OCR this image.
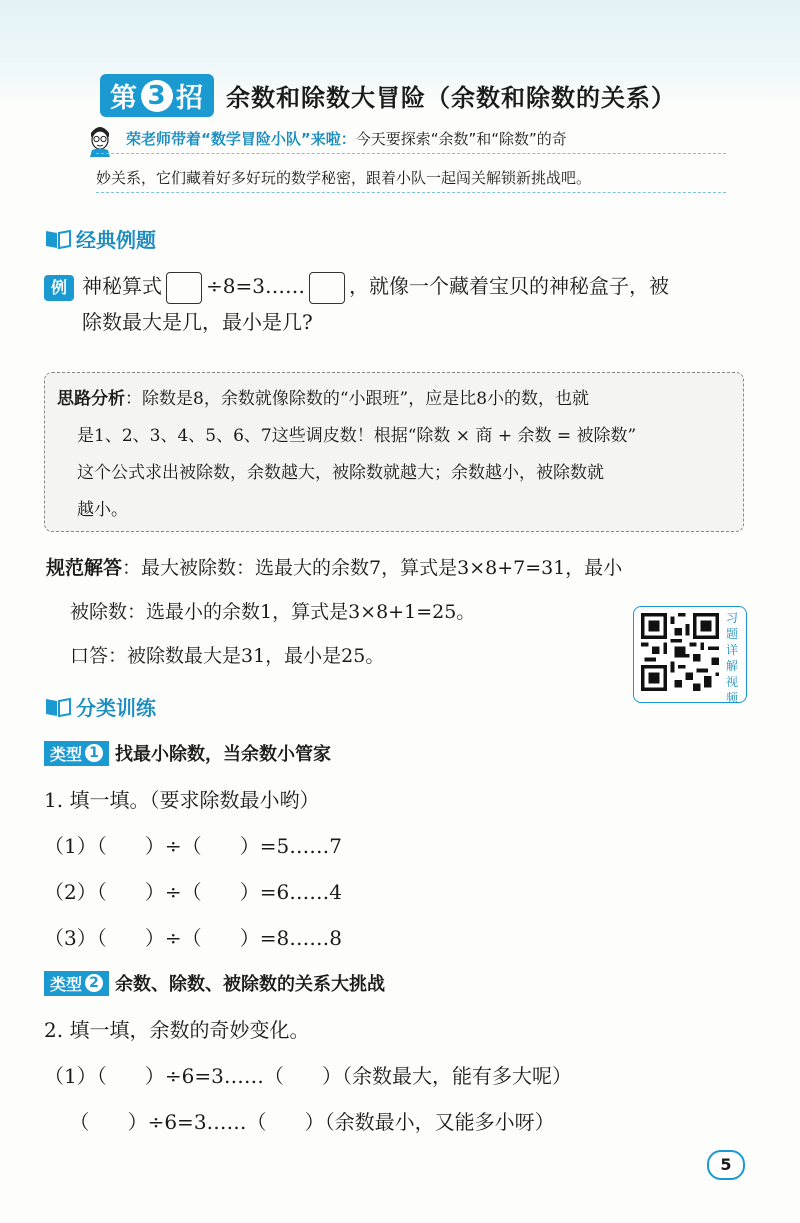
第 3 招 余数和除数大冒险（余数和除数的关系）
荣老师带着“数学冒险小队”来啦：今天要探索“余数”和“除数”的奇
妙关系，它们藏着好多好玩的数学秘密，跟着小队一起闯关解锁新挑战吧。
经典例题
例 神秘算式 ÷8=3…… ，就像一个藏着宝贝的神秘盒子，被
除数最大是几，最小是几?
思路分析：除数是8，余数就像除数的“小跟班”，应是比8小的数，也就
是1、2、3、4、5、6、7这些调皮数！根据“除数 × 商 + 余数 = 被除数”
这个公式求出被除数，余数越大，被除数就越大；余数越小，被除数就
越小。
规范解答：最大被除数：选最大的余数7，算式是3×8+7=31，最小
被除数：选最小的余数1，算式是3×8+1=25。
口答：被除数最大是31，最小是25。
习
题
详
解
视
频
分类训练
类型 1 找最小除数，当余数小管家
1. 填一填。（要求除数最小哟）
（1）（      ）÷（      ）=5……7
（2）（      ）÷（      ）=6……4
（3）（      ）÷（      ）=8……8
类型 2 余数、除数、被除数的关系大挑战
2. 填一填，余数的奇妙变化。
（1）（      ）÷6=3……（      ）（余数最大，能有多大呢）
（      ）÷6=3……（      ）（余数最小，又能多小呀）
5
